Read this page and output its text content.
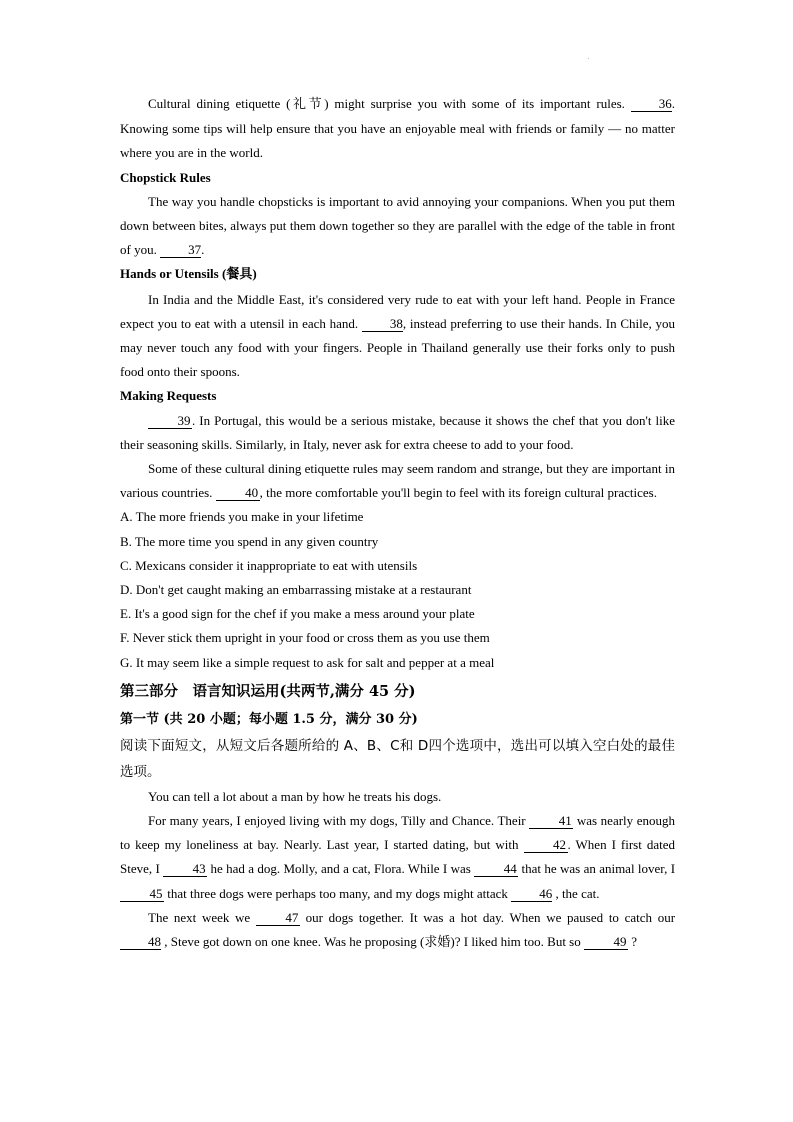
Cultural dining etiquette (礼节) might surprise you with some of its important rules.	36. Knowing some tips will help ensure that you have an enjoyable meal with friends or family — no matter where you are in the world.

Chopstick Rules

The way you handle chopsticks is important to avid annoying your companions. When you put them down between bites, always put them down together so they are parallel with the edge of the table in front of you. 37.

Hands or Utensils (餐具)

In India and the Middle East, it's considered very rude to eat with your left hand. People in France expect you to eat with a utensil in each hand. 38, instead preferring to use their hands. In Chile, you may never touch any food with your fingers. People in Thailand generally use their forks only to push food onto their spoons.

Making Requests

39 . In Portugal, this would be a serious mistake, because it shows the chef that you don't like their seasoning skills. Similarly, in Italy, never ask for extra cheese to add to your food.

Some of these cultural dining etiquette rules may seem random and strange, but they are important in various countries.	40 , the more comfortable you'll begin to feel with its foreign cultural practices.

A. The more friends you make in your lifetime

B. The more time you spend in any given country

C. Mexicans consider it inappropriate to eat with utensils

D. Don't get caught making an embarrassing mistake at a restaurant

E. It's a good sign for the chef if you make a mess around your plate

F. Never stick them upright in your food or cross them as you use them

G. It may seem like a simple request to ask for salt and pepper at a meal

第三部分　语言知识运用(共两节,满分 45 分)

第一节 (共 20 小题；每小题 1.5 分，满分 30 分)

阅读下面短文，从短文后各题所给的 A、B、C和 D四个选项中，选出可以填入空白处的最佳选项。

You can tell a lot about a man by how he treats his dogs.

For many years, I enjoyed living with my dogs, Tilly and Chance. Their	41 was nearly enough to keep my loneliness at bay. Nearly. Last year, I started dating, but with	42 . When I first dated Steve, I	43 he had a dog. Molly, and a cat, Flora. While I was	44 that he was an animal lover, I 45 that three dogs were perhaps too many, and my dogs might attack 46 , the cat.

The next week we	47 our dogs together. It was a hot day. When we paused to catch our 48 , Steve got down on one knee. Was he proposing (求婚)? I liked him too. But so	49 ?
